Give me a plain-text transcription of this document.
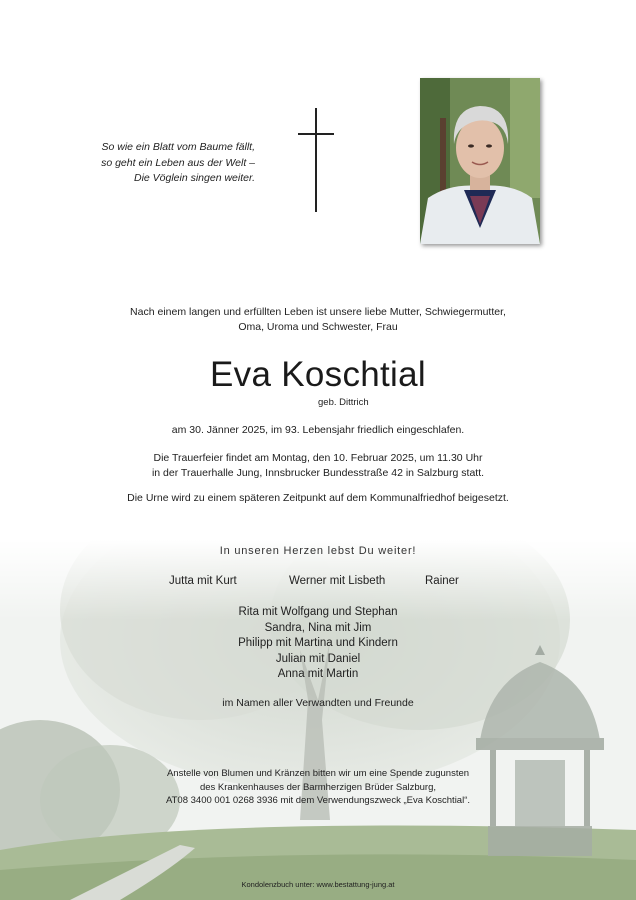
So wie ein Blatt vom Baume fällt,
so geht ein Leben aus der Welt –
Die Vöglein singen weiter.
Nach einem langen und erfüllten Leben ist unsere liebe Mutter, Schwiegermutter,
Oma, Uroma und Schwester, Frau
Eva Koschtial
geb. Dittrich
am 30. Jänner 2025, im 93. Lebensjahr friedlich eingeschlafen.
Die Trauerfeier findet am Montag, den 10. Februar 2025, um 11.30 Uhr
in der Trauerhalle Jung, Innsbrucker Bundesstraße 42 in Salzburg statt.
Die Urne wird zu einem späteren Zeitpunkt auf dem Kommunalfriedhof beigesetzt.
In unseren Herzen lebst Du weiter!
Jutta mit Kurt	Werner mit Lisbeth	Rainer
Rita mit Wolfgang und Stephan
Sandra, Nina mit Jim
Philipp mit Martina und Kindern
Julian mit Daniel
Anna mit Martin
im Namen aller Verwandten und Freunde
Anstelle von Blumen und Kränzen bitten wir um eine Spende zugunsten
des Krankenhauses der Barmherzigen Brüder Salzburg,
AT08 3400 001 0268 3936 mit dem Verwendungszweck „Eva Koschtial“.
Kondolenzbuch unter: www.bestattung-jung.at
